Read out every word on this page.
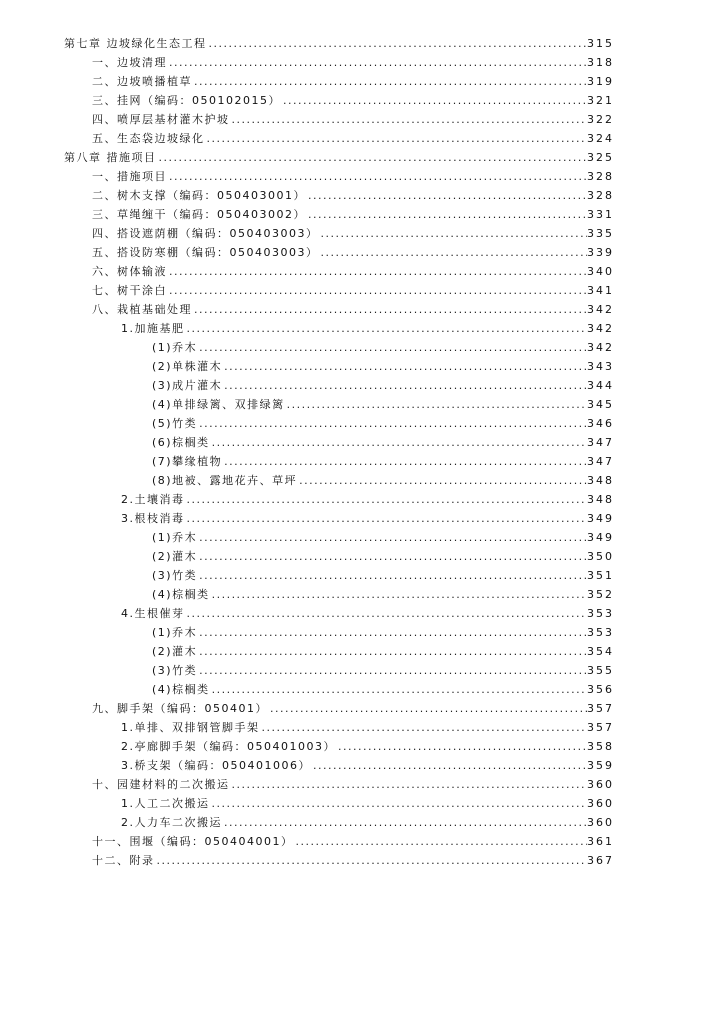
第七章 边坡绿化生态工程 . . .	315
一、边坡清理 . . .	318
二、边坡喷播植草 . . .	319
三、挂网（编码：050102015） . . .	321
四、喷厚层基材灌木护坡 . . .	322
五、生态袋边坡绿化 . . .	324
第八章 措施项目 . . .	325
一、措施项目 . . .	328
二、树木支撑（编码：050403001） . . .	328
三、草绳缠干（编码：050403002） . . .	331
四、搭设遮荫棚（编码：050403003） . . .	335
五、搭设防寒棚（编码：050403003） . . .	339
六、树体输液 . . .	340
七、树干涂白 . . .	341
八、栽植基础处理 . . .	342
1.加施基肥 . . .	342
(1)乔木 . . .	342
(2)单株灌木 . . .	343
(3)成片灌木 . . .	344
(4)单排绿篱、双排绿篱 . . .	345
(5)竹类 . . .	346
(6)棕榈类 . . .	347
(7)攀缘植物 . . .	347
(8)地被、露地花卉、草坪 . . .	348
2.土壤消毒 . . .	348
3.根枝消毒 . . .	349
(1)乔木 . . .	349
(2)灌木 . . .	350
(3)竹类 . . .	351
(4)棕榈类 . . .	352
4.生根催芽 . . .	353
(1)乔木 . . .	353
(2)灌木 . . .	354
(3)竹类 . . .	355
(4)棕榈类 . . .	356
九、脚手架（编码：050401） . . .	357
1.单排、双排钢管脚手架 . . .	357
2.亭廊脚手架（编码：050401003） . . .	358
3.桥支架（编码：050401006） . . .	359
十、园建材料的二次搬运 . . .	360
1.人工二次搬运 . . .	360
2.人力车二次搬运 . . .	360
十一、围堰（编码：050404001） . . .	361
十二、附录 . . .	367
